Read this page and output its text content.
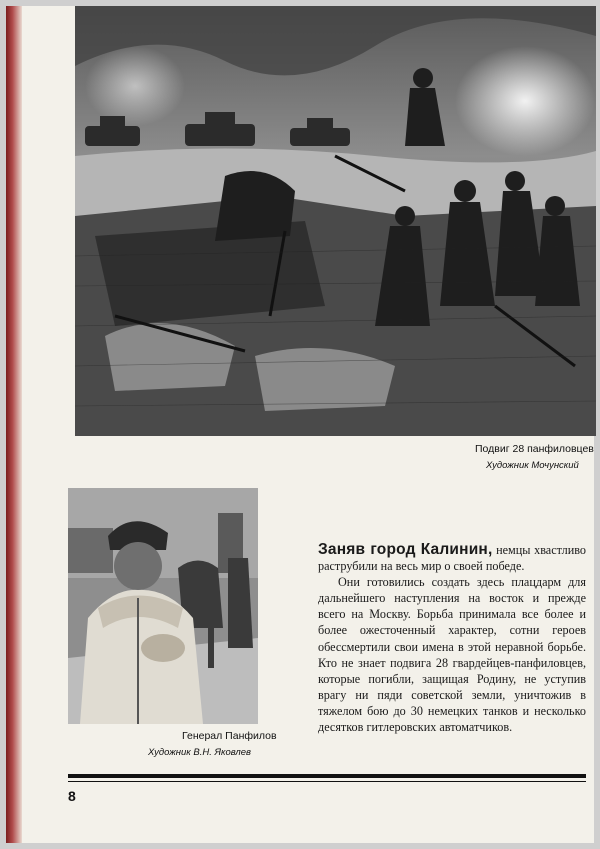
Подвиг 28 панфиловцев
Художник Мочунский
Генерал Панфилов
Художник В.Н. Яковлев

Заняв город Калинин, немцы хвастливо раструбили на весь мир о своей победе.

Они готовились создать здесь плацдарм для дальнейшего наступления на восток и прежде всего на Москву. Борьба принимала все более и более ожесточенный характер, сотни героев обессмертили свои имена в этой неравной борьбе. Кто не знает подвига 28 гвардейцев-панфиловцев, которые погибли, защищая Родину, не уступив врагу ни пяди советской земли, уничтожив в тяжелом бою до 30 немецких танков и несколько десятков гитлеровских автоматчиков.

8
